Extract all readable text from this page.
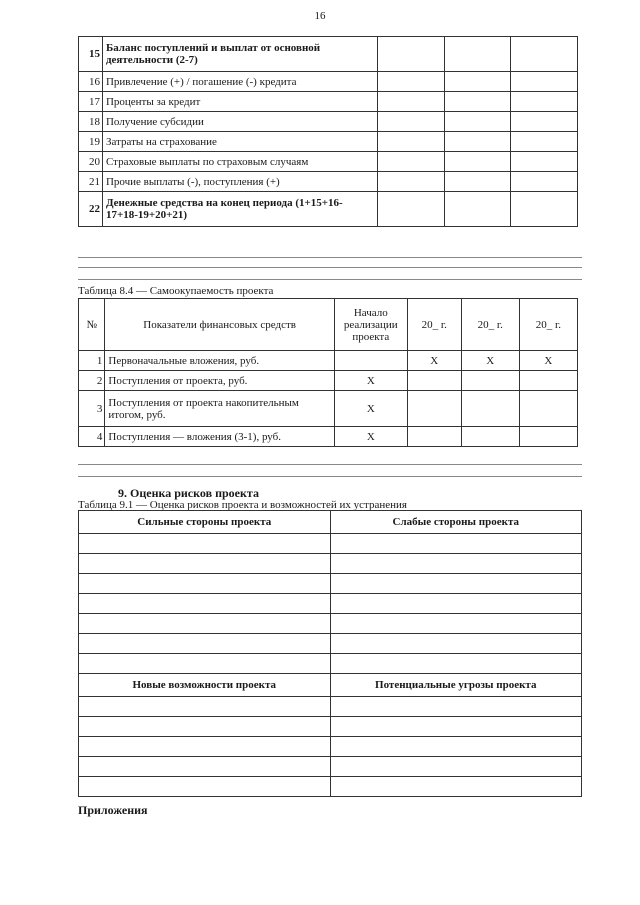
16
15	Баланс поступлений и выплат от основной деятельности (2-7)			
16	Привлечение (+) / погашение (-) кредита			
17	Проценты за кредит			
18	Получение субсидии			
19	Затраты на страхование			
20	Страховые выплаты по страховым случаям			
21	Прочие выплаты (-), поступления (+)			
22	Денежные средства на конец периода (1+15+16-17+18-19+20+21)			
Таблица 8.4 — Самоокупаемость проекта
№	Показатели финансовых средств	Начало реализации проекта	20_ г.	20_ г.	20_ г.
1	Первоначальные вложения, руб.		X	X	X
2	Поступления от проекта, руб.	X			
3	Поступления от проекта накопительным итогом, руб.	X			
4	Поступления — вложения (3-1), руб.	X			
9. Оценка рисков проекта
Таблица 9.1 — Оценка рисков проекта и возможностей их устранения
Сильные стороны проекта	Слабые стороны проекта

Новые возможности проекта	Потенциальные угрозы проекта

Приложения
